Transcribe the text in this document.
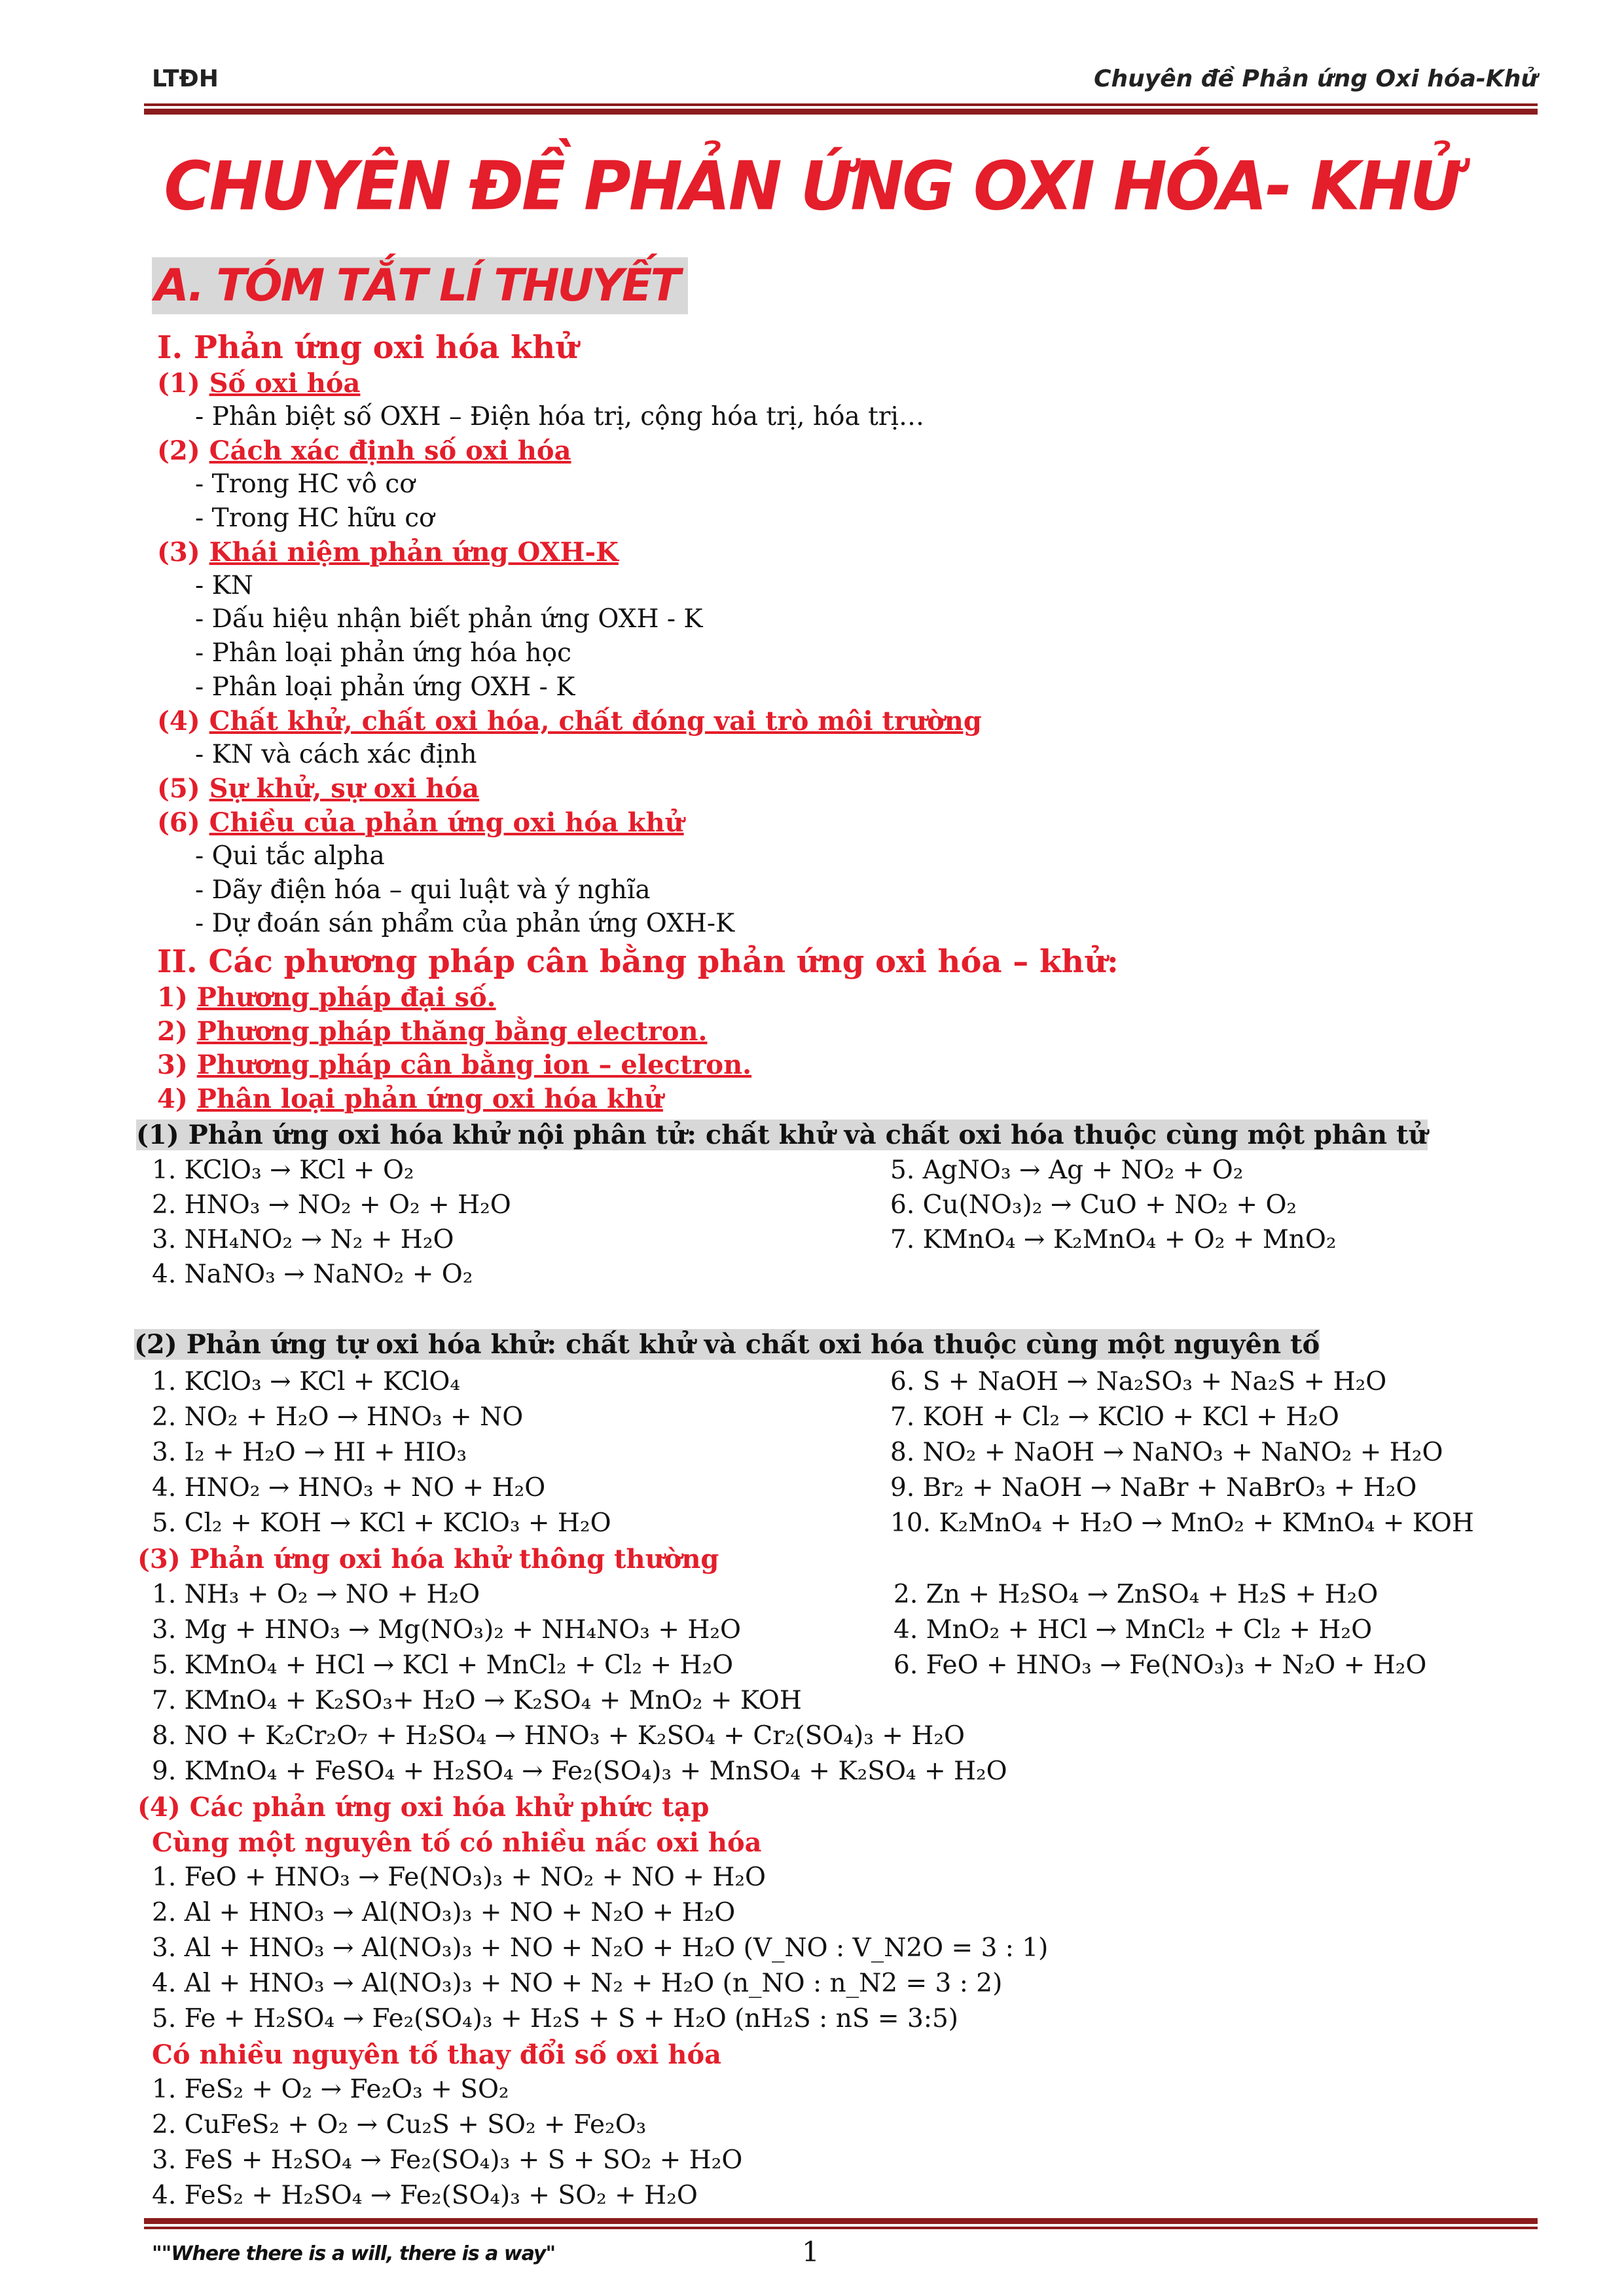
LTĐH	Chuyên đề Phản ứng Oxi hóa-Khử
CHUYÊN ĐỀ PHẢN ỨNG OXI HÓA- KHỬ
A. TÓM TẮT LÍ THUYẾT
I. Phản ứng oxi hóa khử
(1) Số oxi hóa
- Phân biệt số OXH – Điện hóa trị, cộng hóa trị, hóa trị…
(2) Cách xác định số oxi hóa
- Trong HC vô cơ
- Trong HC hữu cơ
(3) Khái niệm phản ứng OXH-K
- KN
- Dấu hiệu nhận biết phản ứng OXH - K
- Phân loại phản ứng hóa học
- Phân loại phản ứng OXH - K
(4) Chất khử, chất oxi hóa, chất đóng vai trò môi trường
- KN và cách xác định
(5) Sự khử, sự oxi hóa
(6) Chiều của phản ứng oxi hóa khử
- Qui tắc alpha
- Dãy điện hóa – qui luật và ý nghĩa
- Dự đoán sán phẩm của phản ứng OXH-K
II. Các phương pháp cân bằng phản ứng oxi hóa – khử:
1) Phương pháp đại số.
2) Phương pháp thăng bằng electron.
3) Phương pháp cân bằng ion – electron.
4) Phân loại phản ứng oxi hóa khử
(1) Phản ứng oxi hóa khử nội phân tử: chất khử và chất oxi hóa thuộc cùng một phân tử
1. KClO₃ → KCl + O₂
2. HNO₃ → NO₂ + O₂ + H₂O
3. NH₄NO₂ → N₂ + H₂O
4. NaNO₃ → NaNO₂ + O₂
5. AgNO₃ → Ag + NO₂ + O₂
6. Cu(NO₃)₂ → CuO + NO₂ + O₂
7. KMnO₄ → K₂MnO₄ + O₂ + MnO₂
(2) Phản ứng tự oxi hóa khử: chất khử và chất oxi hóa thuộc cùng một nguyên tố
1. KClO₃ → KCl + KClO₄
2. NO₂ + H₂O → HNO₃ + NO
3. I₂ + H₂O → HI + HIO₃
4. HNO₂ → HNO₃ + NO + H₂O
5. Cl₂ + KOH → KCl + KClO₃ + H₂O
6. S + NaOH → Na₂SO₃ + Na₂S + H₂O
7. KOH + Cl₂ → KClO + KCl + H₂O
8. NO₂ + NaOH → NaNO₃ + NaNO₂ + H₂O
9. Br₂ + NaOH → NaBr + NaBrO₃ + H₂O
10. K₂MnO₄ + H₂O → MnO₂ + KMnO₄ + KOH
(3) Phản ứng oxi hóa khử thông thường
1. NH₃ + O₂ → NO + H₂O	2. Zn + H₂SO₄ → ZnSO₄ + H₂S + H₂O
3. Mg + HNO₃ → Mg(NO₃)₂ + NH₄NO₃ + H₂O	4. MnO₂ + HCl → MnCl₂ + Cl₂ + H₂O
5. KMnO₄ + HCl → KCl + MnCl₂ + Cl₂ + H₂O	6. FeO + HNO₃ → Fe(NO₃)₃ + N₂O + H₂O
7. KMnO₄ + K₂SO₃+ H₂O → K₂SO₄ + MnO₂ + KOH
8. NO + K₂Cr₂O₇ + H₂SO₄ → HNO₃ + K₂SO₄ + Cr₂(SO₄)₃ + H₂O
9. KMnO₄ + FeSO₄ + H₂SO₄ → Fe₂(SO₄)₃ + MnSO₄ + K₂SO₄ + H₂O
(4) Các phản ứng oxi hóa khử phức tạp
Cùng một nguyên tố có nhiều nấc oxi hóa
1. FeO + HNO₃ → Fe(NO₃)₃ + NO₂ + NO + H₂O
2. Al + HNO₃ → Al(NO₃)₃ + NO + N₂O + H₂O
3. Al + HNO₃ → Al(NO₃)₃ + NO + N₂O + H₂O (V_NO : V_N2O = 3 : 1)
4. Al + HNO₃ → Al(NO₃)₃ + NO + N₂ + H₂O (n_NO : n_N2 = 3 : 2)
5. Fe + H₂SO₄ → Fe₂(SO₄)₃ + H₂S + S + H₂O (nH₂S : nS = 3:5)
Có nhiều nguyên tố thay đổi số oxi hóa
1. FeS₂ + O₂ → Fe₂O₃ + SO₂
2. CuFeS₂ + O₂ → Cu₂S + SO₂ + Fe₂O₃
3. FeS + H₂SO₄ → Fe₂(SO₄)₃ + S + SO₂ + H₂O
4. FeS₂ + H₂SO₄ → Fe₂(SO₄)₃ + SO₂ + H₂O
""Where there is a will, there is a way"	1
